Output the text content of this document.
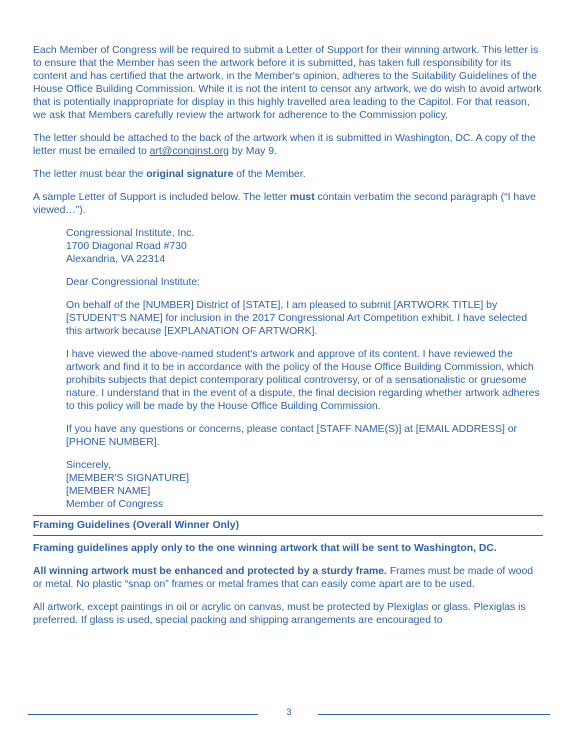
Each Member of Congress will be required to submit a Letter of Support for their winning artwork. This letter is to ensure that the Member has seen the artwork before it is submitted, has taken full responsibility for its content and has certified that the artwork, in the Member's opinion, adheres to the Suitability Guidelines of the House Office Building Commission. While it is not the intent to censor any artwork, we do wish to avoid artwork that is potentially inappropriate for display in this highly travelled area leading to the Capitol. For that reason, we ask that Members carefully review the artwork for adherence to the Commission policy.

The letter should be attached to the back of the artwork when it is submitted in Washington, DC. A copy of the letter must be emailed to art@conginst.org by May 9.

The letter must bear the original signature of the Member.

A sample Letter of Support is included below. The letter must contain verbatim the second paragraph (“I have viewed…”).

Congressional Institute, Inc.
1700 Diagonal Road #730
Alexandria, VA 22314

Dear Congressional Institute:

On behalf of the [NUMBER] District of [STATE], I am pleased to submit [ARTWORK TITLE] by [STUDENT'S NAME] for inclusion in the 2017 Congressional Art Competition exhibit. I have selected this artwork because [EXPLANATION OF ARTWORK].

I have viewed the above-named student's artwork and approve of its content. I have reviewed the artwork and find it to be in accordance with the policy of the House Office Building Commission, which prohibits subjects that depict contemporary political controversy, or of a sensationalistic or gruesome nature. I understand that in the event of a dispute, the final decision regarding whether artwork adheres to this policy will be made by the House Office Building Commission.

If you have any questions or concerns, please contact [STAFF NAME(S)] at [EMAIL ADDRESS] or [PHONE NUMBER].

Sincerely,
[MEMBER'S SIGNATURE]
[MEMBER NAME]
Member of Congress

Framing Guidelines (Overall Winner Only)

Framing guidelines apply only to the one winning artwork that will be sent to Washington, DC.

All winning artwork must be enhanced and protected by a sturdy frame. Frames must be made of wood or metal. No plastic “snap on” frames or metal frames that can easily come apart are to be used.

All artwork, except paintings in oil or acrylic on canvas, must be protected by Plexiglas or glass. Plexiglas is preferred. If glass is used, special packing and shipping arrangements are encouraged to

3
